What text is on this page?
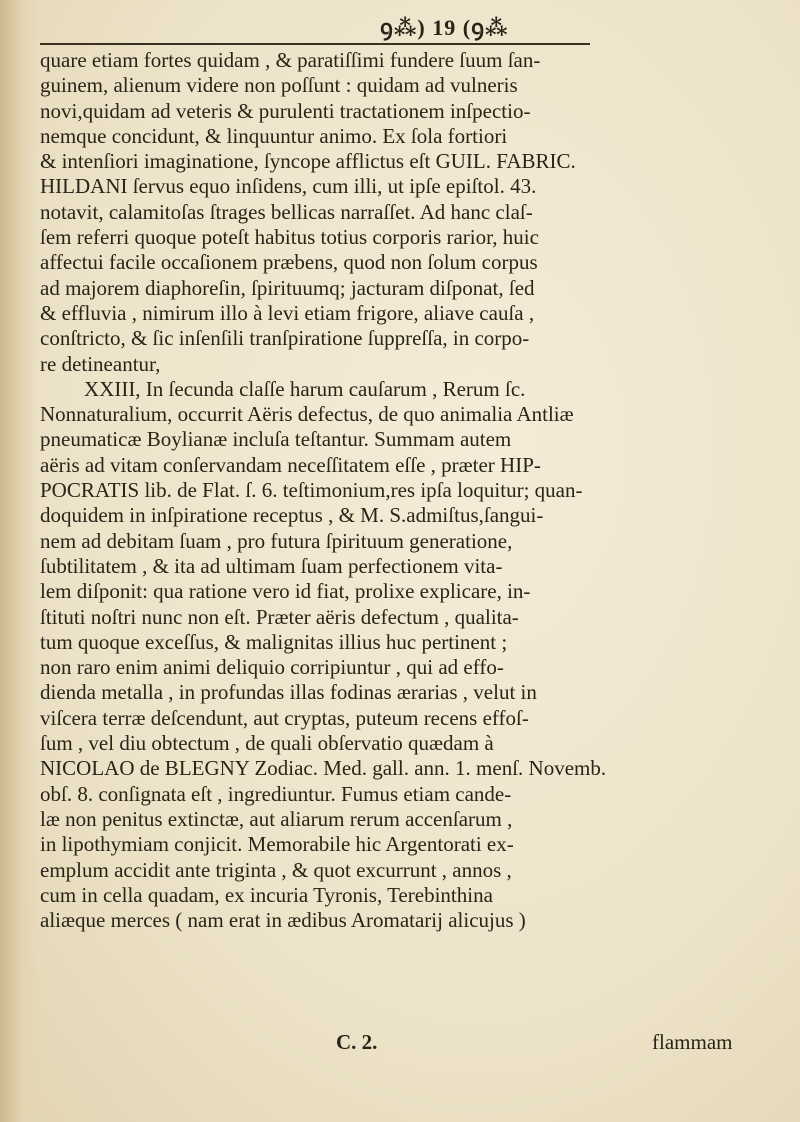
ꝯ⁂) 19 (ꝯ⁂
quare etiam fortes quidam , & paratiſſimi fundere ſuum ſan-
guinem, alienum videre non poſſunt : quidam ad vulneris
novi,quidam ad veteris & purulenti tractationem inſpectio-
nemque concidunt, & linquuntur animo. Ex ſola fortiori
& intenſiori imaginatione, ſyncope afflictus eſt GUIL. FABRIC.
HILDANI ſervus equo inſidens, cum illi, ut ipſe epiſtol. 43.
notavit, calamitoſas ſtrages bellicas narraſſet. Ad hanc claſ-
ſem referri quoque poteſt habitus totius corporis rarior, huic
affectui facile occaſionem præbens, quod non ſolum corpus
ad majorem diaphoreſin, ſpirituumq; jacturam diſponat, ſed
& effluvia , nimirum illo à levi etiam frigore, aliave cauſa ,
conſtricto, & ſic inſenſili tranſpiratione ſuppreſſa, in corpo-
re detineantur,
XXIII, In ſecunda claſſe harum cauſarum , Rerum ſc.
Nonnaturalium, occurrit Aëris defectus, de quo animalia Antliæ
pneumaticæ Boylianæ incluſa teſtantur. Summam autem
aëris ad vitam conſervandam neceſſitatem eſſe , præter HIP-
POCRATIS lib. de Flat. ſ. 6. teſtimonium,res ipſa loquitur; quan-
doquidem in inſpiratione receptus , & M. S.admiſtus,ſangui-
nem ad debitam ſuam , pro futura ſpirituum generatione,
ſubtilitatem , & ita ad ultimam ſuam perfectionem vita-
lem diſponit: qua ratione vero id fiat, prolixe explicare, in-
ſtituti noſtri nunc non eſt. Præter aëris defectum , qualita-
tum quoque exceſſus, & malignitas illius huc pertinent ;
non raro enim animi deliquio corripiuntur , qui ad effo-
dienda metalla , in profundas illas fodinas ærarias , velut in
viſcera terræ deſcendunt, aut cryptas, puteum recens effoſ-
ſum , vel diu obtectum , de quali obſervatio quædam à
NICOLAO de BLEGNY Zodiac. Med. gall. ann. 1. menſ. Novemb.
obſ. 8. conſignata eſt , ingrediuntur. Fumus etiam cande-
læ non penitus extinctæ, aut aliarum rerum accenſarum ,
in lipothymiam conjicit. Memorabile hic Argentorati ex-
emplum accidit ante triginta , & quot excurrunt , annos ,
cum in cella quadam, ex incuria Tyronis, Terebinthina
aliæque merces ( nam erat in ædibus Aromatarij alicujus )
C. 2.	flammam
